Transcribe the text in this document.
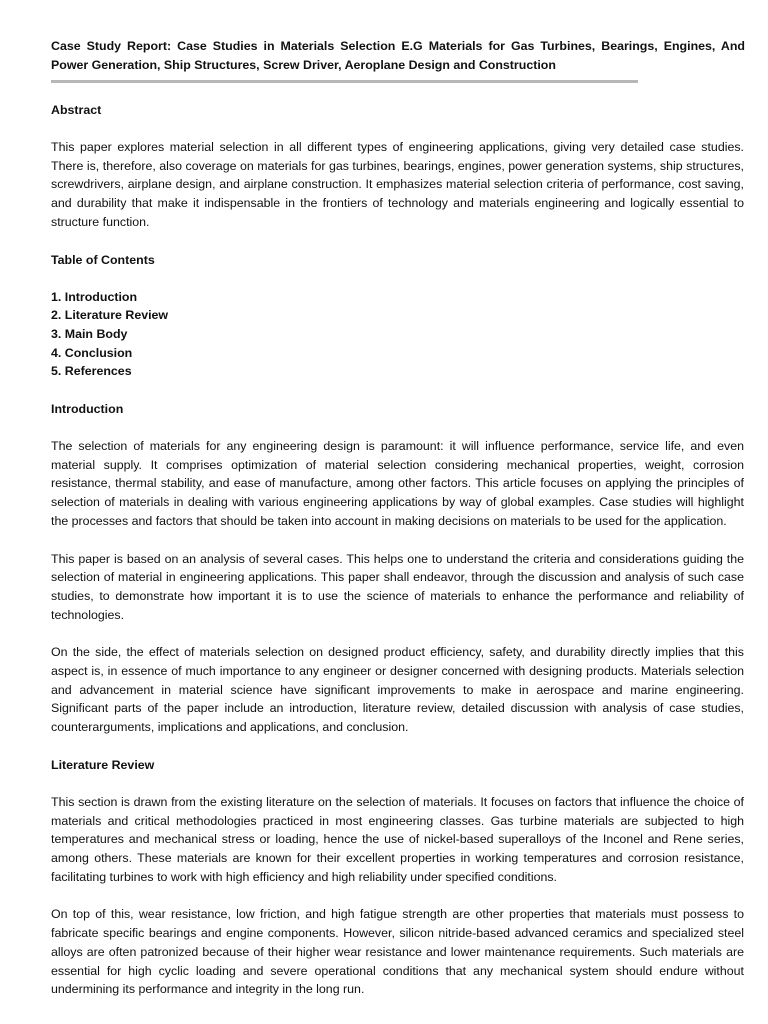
Case Study Report: Case Studies in Materials Selection E.G Materials for Gas Turbines, Bearings, Engines, And Power Generation, Ship Structures, Screw Driver, Aeroplane Design and Construction
Abstract

This paper explores material selection in all different types of engineering applications, giving very detailed case studies. There is, therefore, also coverage on materials for gas turbines, bearings, engines, power generation systems, ship structures, screwdrivers, airplane design, and airplane construction. It emphasizes material selection criteria of performance, cost saving, and durability that make it indispensable in the frontiers of technology and materials engineering and logically essential to structure function.

Table of Contents
1. Introduction
2. Literature Review
3. Main Body
4. Conclusion
5. References
Introduction

The selection of materials for any engineering design is paramount: it will influence performance, service life, and even material supply. It comprises optimization of material selection considering mechanical properties, weight, corrosion resistance, thermal stability, and ease of manufacture, among other factors. This article focuses on applying the principles of selection of materials in dealing with various engineering applications by way of global examples. Case studies will highlight the processes and factors that should be taken into account in making decisions on materials to be used for the application.

This paper is based on an analysis of several cases. This helps one to understand the criteria and considerations guiding the selection of material in engineering applications. This paper shall endeavor, through the discussion and analysis of such case studies, to demonstrate how important it is to use the science of materials to enhance the performance and reliability of technologies.

On the side, the effect of materials selection on designed product efficiency, safety, and durability directly implies that this aspect is, in essence of much importance to any engineer or designer concerned with designing products. Materials selection and advancement in material science have significant improvements to make in aerospace and marine engineering. Significant parts of the paper include an introduction, literature review, detailed discussion with analysis of case studies, counterarguments, implications and applications, and conclusion.

Literature Review

This section is drawn from the existing literature on the selection of materials. It focuses on factors that influence the choice of materials and critical methodologies practiced in most engineering classes. Gas turbine materials are subjected to high temperatures and mechanical stress or loading, hence the use of nickel-based superalloys of the Inconel and Rene series, among others. These materials are known for their excellent properties in working temperatures and corrosion resistance, facilitating turbines to work with high efficiency and high reliability under specified conditions.

On top of this, wear resistance, low friction, and high fatigue strength are other properties that materials must possess to fabricate specific bearings and engine components. However, silicon nitride-based advanced ceramics and specialized steel alloys are often patronized because of their higher wear resistance and lower maintenance requirements. Such materials are essential for high cyclic loading and severe operational conditions that any mechanical system should endure without undermining its performance and integrity in the long run.
